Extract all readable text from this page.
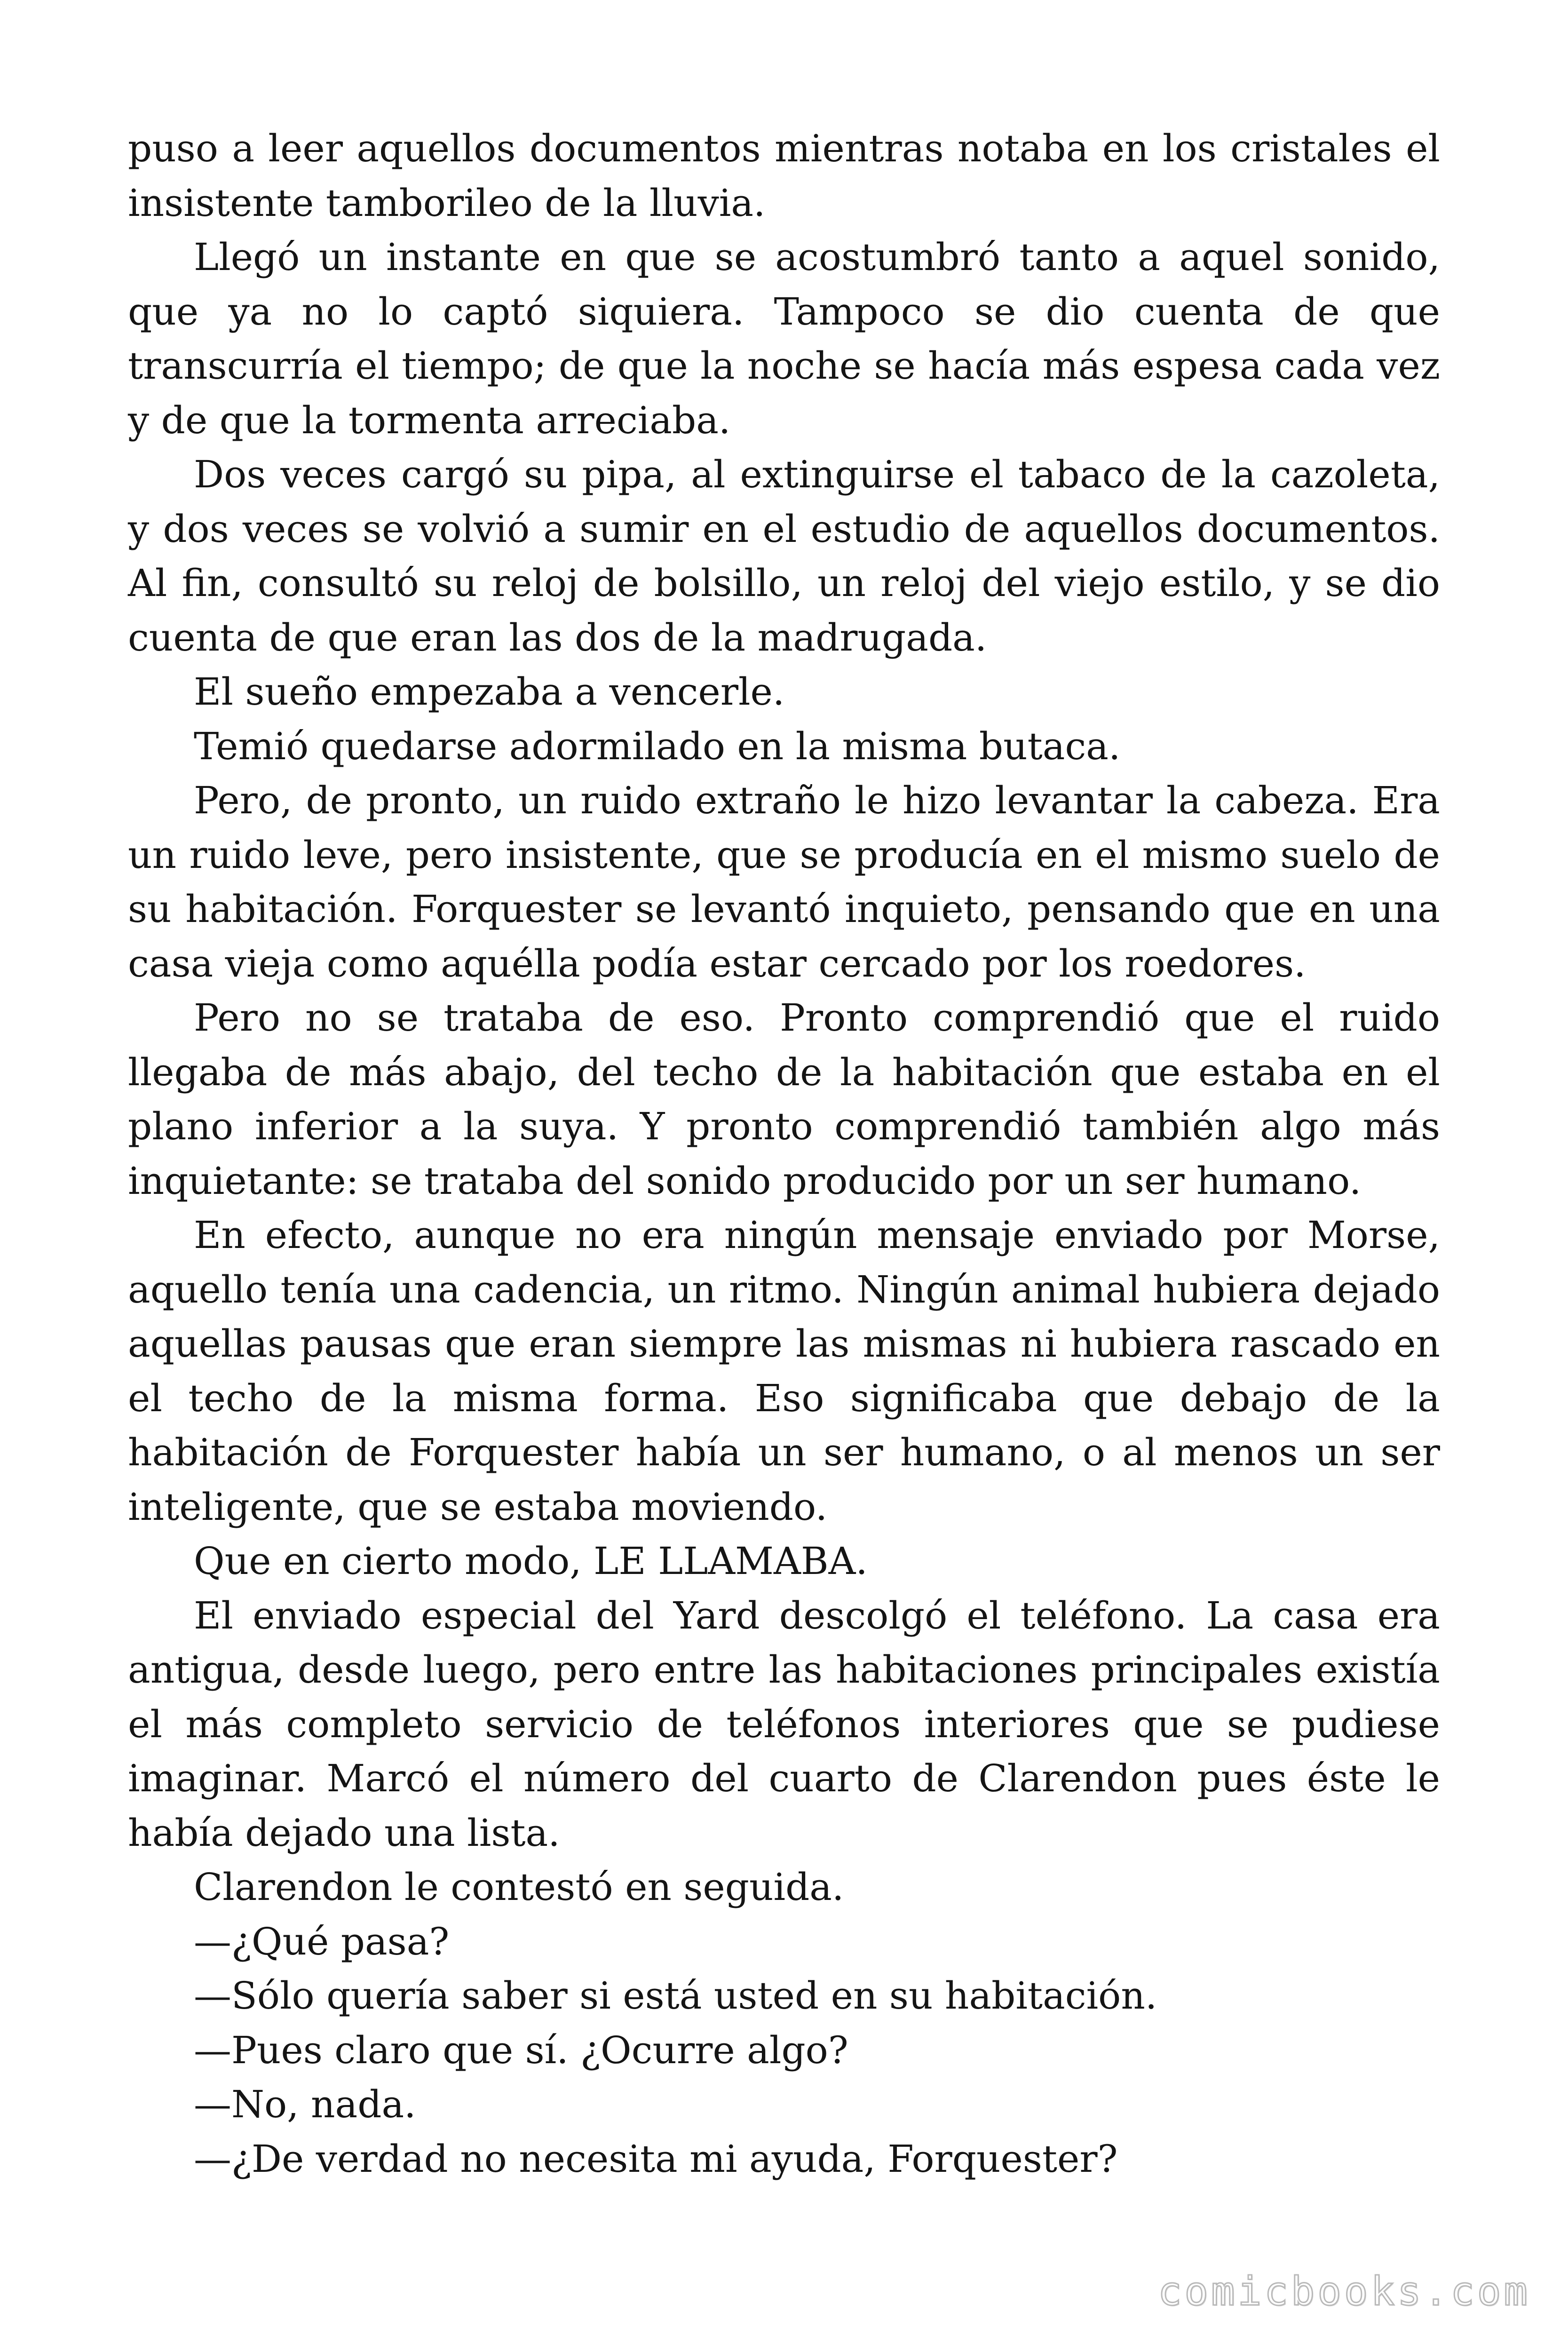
puso a leer aquellos documentos mientras notaba en los cristales el insistente tamborileo de la lluvia.

Llegó un instante en que se acostumbró tanto a aquel sonido, que ya no lo captó siquiera. Tampoco se dio cuenta de que transcurría el tiempo; de que la noche se hacía más espesa cada vez y de que la tormenta arreciaba.

Dos veces cargó su pipa, al extinguirse el tabaco de la cazoleta, y dos veces se volvió a sumir en el estudio de aquellos documentos. Al fin, consultó su reloj de bolsillo, un reloj del viejo estilo, y se dio cuenta de que eran las dos de la madrugada.

El sueño empezaba a vencerle.

Temió quedarse adormilado en la misma butaca.

Pero, de pronto, un ruido extraño le hizo levantar la cabeza. Era un ruido leve, pero insistente, que se producía en el mismo suelo de su habitación. Forquester se levantó inquieto, pensando que en una casa vieja como aquélla podía estar cercado por los roedores.

Pero no se trataba de eso. Pronto comprendió que el ruido llegaba de más abajo, del techo de la habitación que estaba en el plano inferior a la suya. Y pronto comprendió también algo más inquietante: se trataba del sonido producido por un ser humano.

En efecto, aunque no era ningún mensaje enviado por Morse, aquello tenía una cadencia, un ritmo. Ningún animal hubiera dejado aquellas pausas que eran siempre las mismas ni hubiera rascado en el techo de la misma forma. Eso significaba que debajo de la habitación de Forquester había un ser humano, o al menos un ser inteligente, que se estaba moviendo.

Que en cierto modo, LE LLAMABA.

El enviado especial del Yard descolgó el teléfono. La casa era antigua, desde luego, pero entre las habitaciones principales existía el más completo servicio de teléfonos interiores que se pudiese imaginar. Marcó el número del cuarto de Clarendon pues éste le había dejado una lista.

Clarendon le contestó en seguida.

—¿Qué pasa?

—Sólo quería saber si está usted en su habitación.

—Pues claro que sí. ¿Ocurre algo?

—No, nada.

—¿De verdad no necesita mi ayuda, Forquester?

comicbooks.com
